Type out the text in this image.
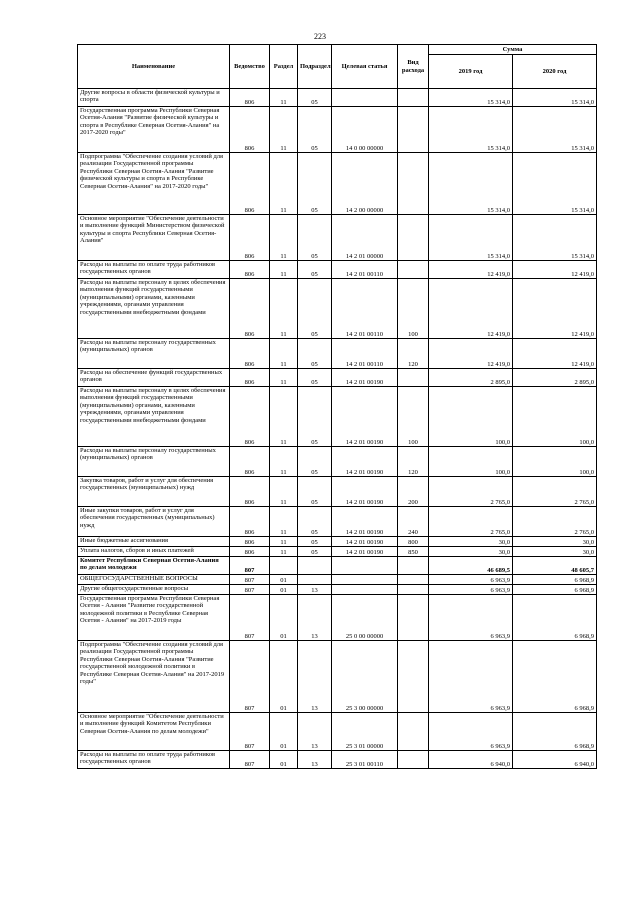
223
Наименование	Ведомство	Раздел	Подраздел	Целевая статья	Вид расхода	Сумма	
						2019 год	2020 год
Другие вопросы в области физической культуры и спорта	806	11	05			15 314,0	15 314,0
Государственная программа Республики Северная Осетия-Алания "Развитие физической культуры и спорта в Республике Северная Осетия-Алания" на 2017-2020 годы"	806	11	05	14 0 00 00000		15 314,0	15 314,0
Подпрограмма "Обеспечение создания условий для реализации Государственной программы Республики Северная Осетия-Алания "Развитие физической культуры и спорта в Республике Северная Осетия-Алания" на 2017-2020 годы"	806	11	05	14 2 00 00000		15 314,0	15 314,0
Основное мероприятие "Обеспечение деятельности и выполнение функций Министерством физической культуры и спорта Республики Северная Осетия-Алания"	806	11	05	14 2 01 00000		15 314,0	15 314,0
Расходы на выплаты по оплате труда работников государственных органов	806	11	05	14 2 01 00110		12 419,0	12 419,0
Расходы на выплаты персоналу в целях обеспечения выполнения функций государственными (муниципальными) органами, казенными учреждениями, органами управления государственными внебюджетными фондами	806	11	05	14 2 01 00110	100	12 419,0	12 419,0
Расходы на выплаты персоналу государственных (муниципальных) органов	806	11	05	14 2 01 00110	120	12 419,0	12 419,0
Расходы на обеспечение функций государственных органов	806	11	05	14 2 01 00190		2 895,0	2 895,0
Расходы на выплаты персоналу в целях обеспечения выполнения функций государственными (муниципальными) органами, казенными учреждениями, органами управления государственными внебюджетными фондами	806	11	05	14 2 01 00190	100	100,0	100,0
Расходы на выплаты персоналу государственных (муниципальных) органов	806	11	05	14 2 01 00190	120	100,0	100,0
Закупка товаров, работ и услуг для обеспечения государственных (муниципальных) нужд	806	11	05	14 2 01 00190	200	2 765,0	2 765,0
Иные закупки товаров, работ и услуг для обеспечения государственных (муниципальных) нужд	806	11	05	14 2 01 00190	240	2 765,0	2 765,0
Иные бюджетные ассигнования	806	11	05	14 2 01 00190	800	30,0	30,0
Уплата налогов, сборов и иных платежей	806	11	05	14 2 01 00190	850	30,0	30,0
Комитет Республики Северная Осетия-Алания по делам молодежи	807					46 689,5	48 605,7
ОБЩЕГОСУДАРСТВЕННЫЕ ВОПРОСЫ	807	01				6 963,9	6 968,9
Другие общегосударственные вопросы	807	01	13			6 963,9	6 968,9
Государственная программа Республики Северная Осетия - Алания "Развитие государственной молодежной политики в Республике Северная Осетия - Алания" на 2017-2019 годы	807	01	13	25 0 00 00000		6 963,9	6 968,9
Подпрограмма "Обеспечение создания условий для реализации Государственной программы Республики Северная Осетия-Алания "Развитие государственной молодежной политики в Республике Северная Осетия-Алания" на 2017-2019 годы"	807	01	13	25 3 00 00000		6 963,9	6 968,9
Основное мероприятие "Обеспечение деятельности и выполнение функций Комитетом Республики Северная Осетия-Алания по делам молодежи"	807	01	13	25 3 01 00000		6 963,9	6 968,9
Расходы на выплаты по оплате труда работников государственных органов	807	01	13	25 3 01 00110		6 940,0	6 940,0
